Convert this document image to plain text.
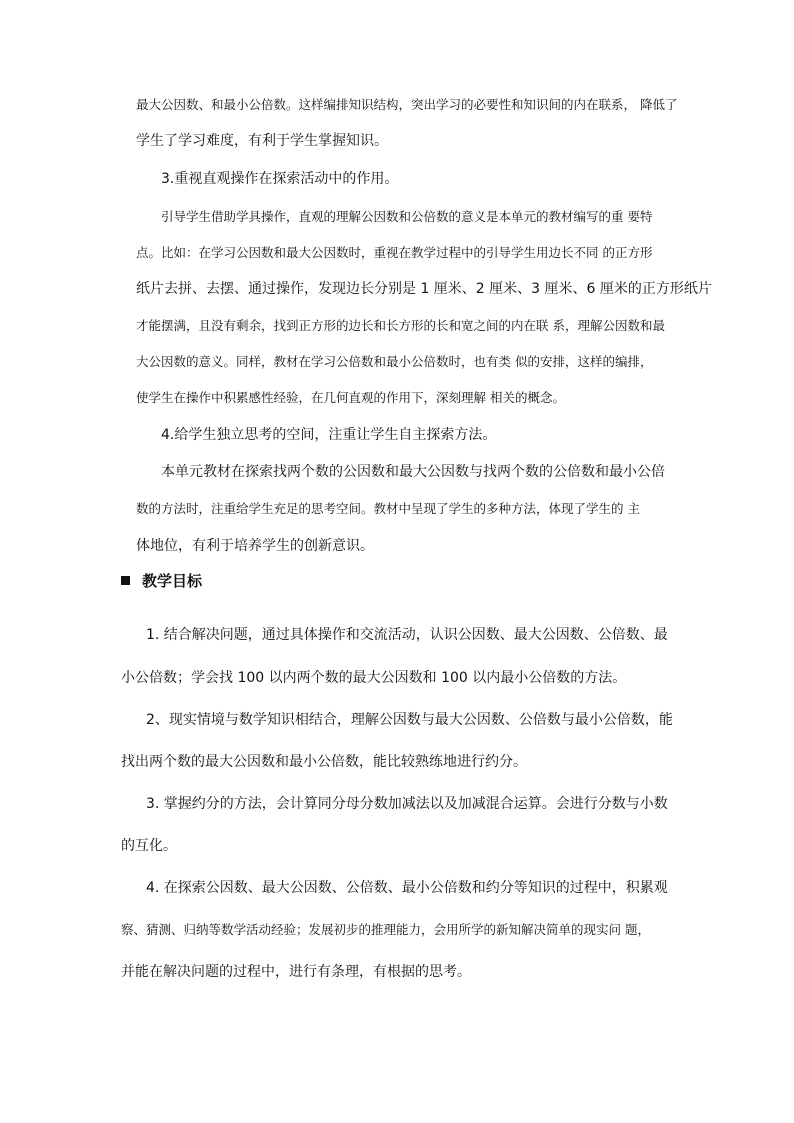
最大公因数、和最小公倍数。这样编排知识结构，突出学习的必要性和知识间的内在联系， 降低了
学生了学习难度，有利于学生掌握知识。
3.重视直观操作在探索活动中的作用。
引导学生借助学具操作，直观的理解公因数和公倍数的意义是本单元的教材编写的重 要特
点。比如：在学习公因数和最大公因数时，重视在教学过程中的引导学生用边长不同 的正方形
纸片去拼、去摆、通过操作，发现边长分别是 1 厘米、2 厘米、3 厘米、6 厘米的正方形纸片
才能摆满，且没有剩余，找到正方形的边长和长方形的长和宽之间的内在联 系，理解公因数和最
大公因数的意义。同样，教材在学习公倍数和最小公倍数时，也有类 似的安排，这样的编排，
使学生在操作中积累感性经验，在几何直观的作用下，深刻理解 相关的概念。
4.给学生独立思考的空间，注重让学生自主探索方法。
本单元教材在探索找两个数的公因数和最大公因数与找两个数的公倍数和最小公倍
数的方法时，注重给学生充足的思考空间。教材中呈现了学生的多种方法，体现了学生的 主
体地位，有利于培养学生的创新意识。
教学目标
1. 结合解决问题，通过具体操作和交流活动，认识公因数、最大公因数、公倍数、最
小公倍数；学会找 100 以内两个数的最大公因数和 100 以内最小公倍数的方法。
2、现实情境与数学知识相结合，理解公因数与最大公因数、公倍数与最小公倍数，能
找出两个数的最大公因数和最小公倍数，能比较熟练地进行约分。
3. 掌握约分的方法，会计算同分母分数加减法以及加减混合运算。会进行分数与小数
的互化。
4. 在探索公因数、最大公因数、公倍数、最小公倍数和约分等知识的过程中，积累观
察、猜测、归纳等数学活动经验；发展初步的推理能力，会用所学的新知解决简单的现实问 题，
并能在解决问题的过程中，进行有条理，有根据的思考。
